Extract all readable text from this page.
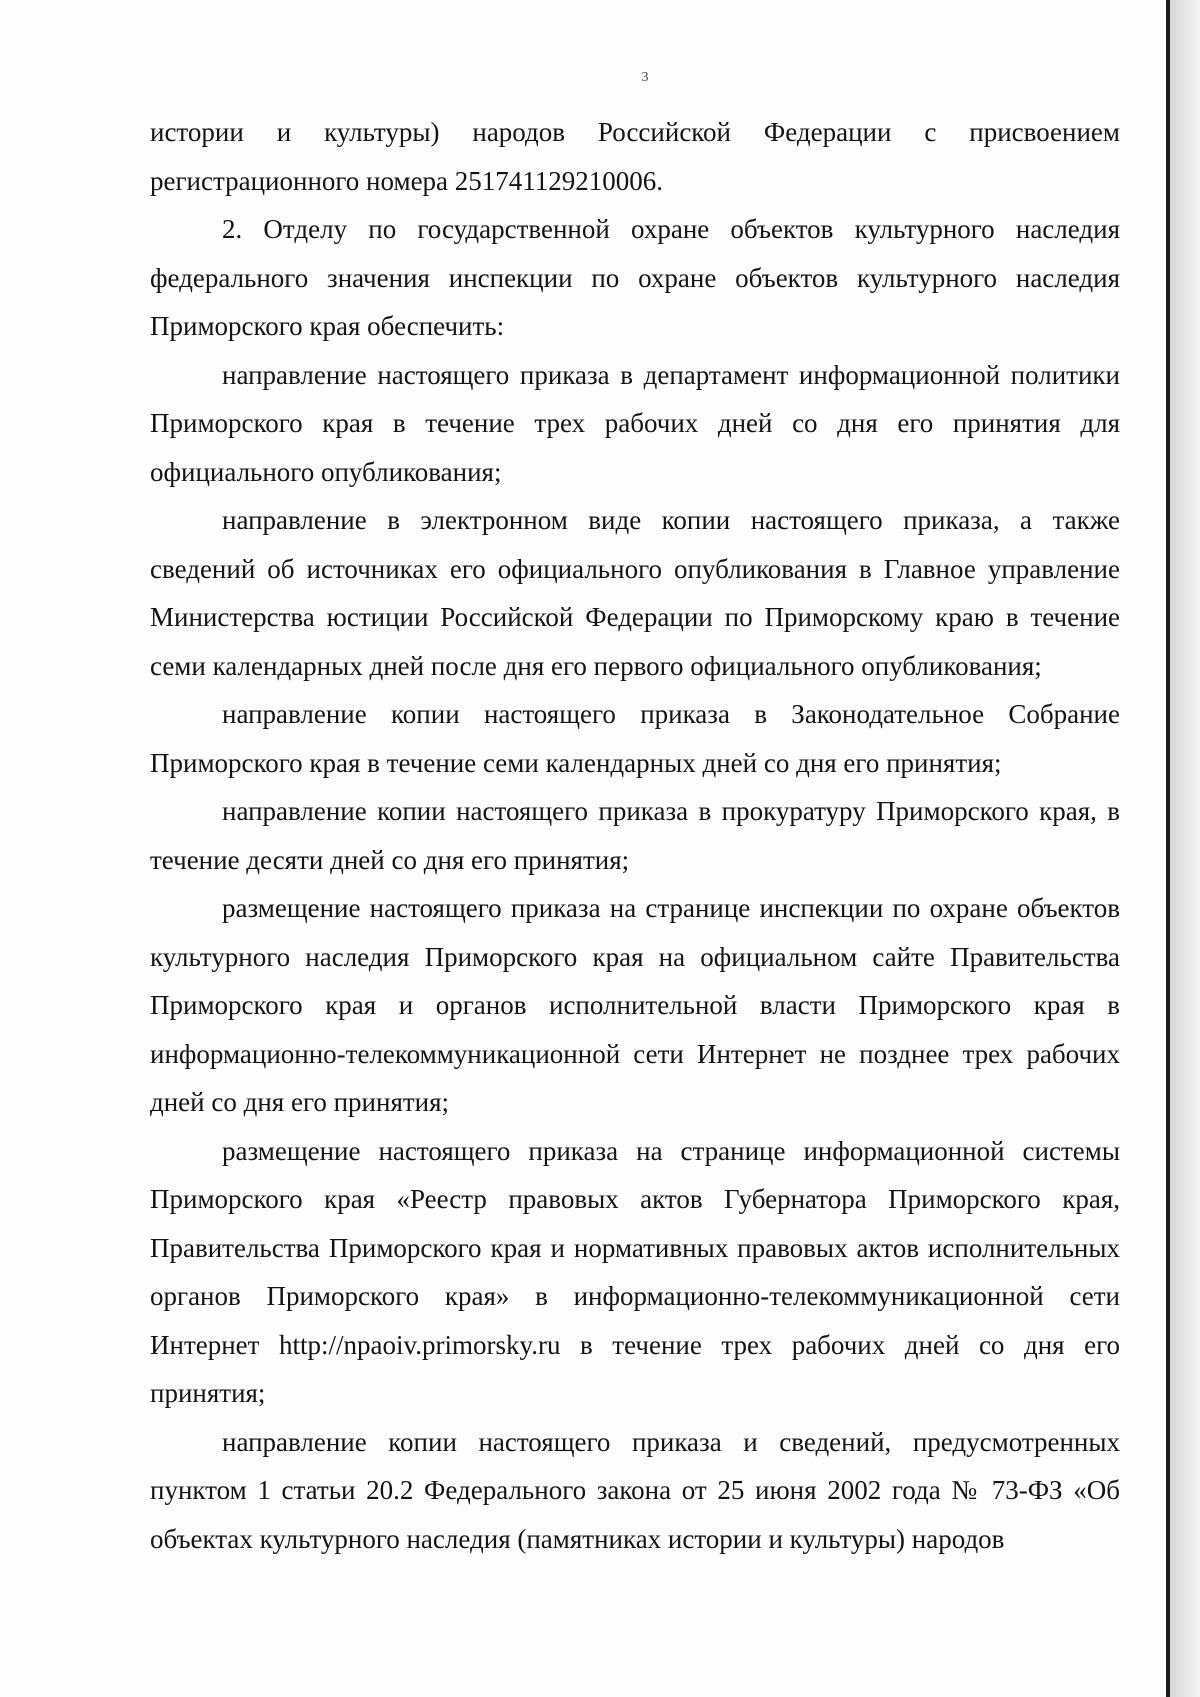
3

истории и культуры) народов Российской Федерации с присвоением регистрационного номера 251741129210006.

2. Отделу по государственной охране объектов культурного наследия федерального значения инспекции по охране объектов культурного наследия Приморского края обеспечить:

направление настоящего приказа в департамент информационной политики Приморского края в течение трех рабочих дней со дня его принятия для официального опубликования;

направление в электронном виде копии настоящего приказа, а также сведений об источниках его официального опубликования в Главное управление Министерства юстиции Российской Федерации по Приморскому краю в течение семи календарных дней после дня его первого официального опубликования;

направление копии настоящего приказа в Законодательное Собрание Приморского края в течение семи календарных дней со дня его принятия;

направление копии настоящего приказа в прокуратуру Приморского края, в течение десяти дней со дня его принятия;

размещение настоящего приказа на странице инспекции по охране объектов культурного наследия Приморского края на официальном сайте Правительства Приморского края и органов исполнительной власти Приморского края в информационно-телекоммуникационной сети Интернет не позднее трех рабочих дней со дня его принятия;

размещение настоящего приказа на странице информационной системы Приморского края «Реестр правовых актов Губернатора Приморского края, Правительства Приморского края и нормативных правовых актов исполнительных органов Приморского края» в информационно-телекоммуникационной сети Интернет http://npaoiv.primorsky.ru в течение трех рабочих дней со дня его принятия;

направление копии настоящего приказа и сведений, предусмотренных пунктом 1 статьи 20.2 Федерального закона от 25 июня 2002 года № 73-ФЗ «Об объектах культурного наследия (памятниках истории и культуры) народов
